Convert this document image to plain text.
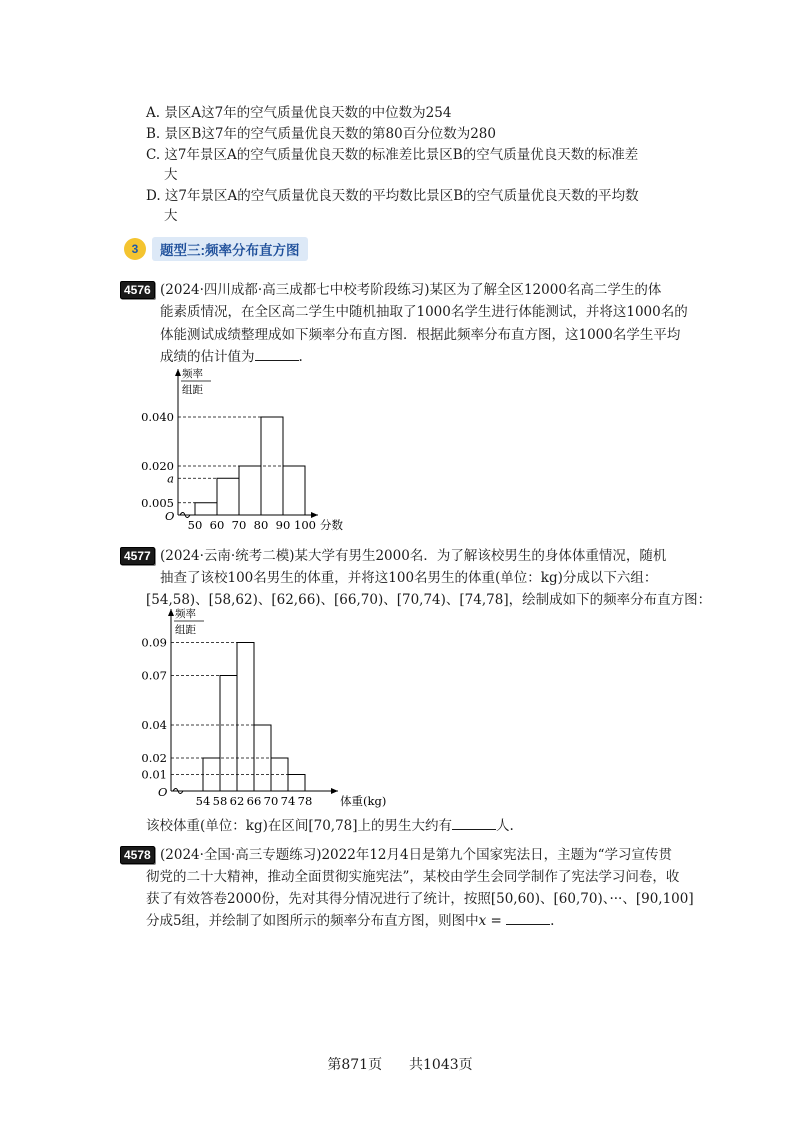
A. 景区A这7年的空气质量优良天数的中位数为254
B. 景区B这7年的空气质量优良天数的第80百分位数为280
C. 这7年景区A的空气质量优良天数的标准差比景区B的空气质量优良天数的标准差
大
D. 这7年景区A的空气质量优良天数的平均数比景区B的空气质量优良天数的平均数
大
3	题型三:频率分布直方图
4576 (2024·四川成都·高三成都七中校考阶段练习)某区为了解全区12000名高二学生的体
能素质情况，在全区高二学生中随机抽取了1000名学生进行体能测试，并将这1000名的
体能测试成绩整理成如下频率分布直方图．根据此频率分布直方图，这1000名学生平均
成绩的估计值为	.
O
频率
组距
0.040
0.020
a
0.005
50 60 70 80 90 100 分数
4577 (2024·云南·统考二模)某大学有男生2000名．为了解该校男生的身体体重情况，随机
抽查了该校100名男生的体重，并将这100名男生的体重(单位：kg)分成以下六组：
[54,58)、[58,62)、[62,66)、[66,70)、[70,74)、[74,78]，绘制成如下的频率分布直方图：
O
频率
组距
0.09
0.07
0.04
0.02
0.01
54 58 62 66 70 74 78 体重(kg)
该校体重(单位：kg)在区间[70,78]上的男生大约有	人.
4578 (2024·全国·高三专题练习)2022年12月4日是第九个国家宪法日，主题为“学习宣传贯
彻党的二十大精神，推动全面贯彻实施宪法”，某校由学生会同学制作了宪法学习问卷，收
获了有效答卷2000份，先对其得分情况进行了统计，按照[50,60)、[60,70)、···、[90,100]
分成5组，并绘制了如图所示的频率分布直方图，则图中x =	.
第871页 共1043页
